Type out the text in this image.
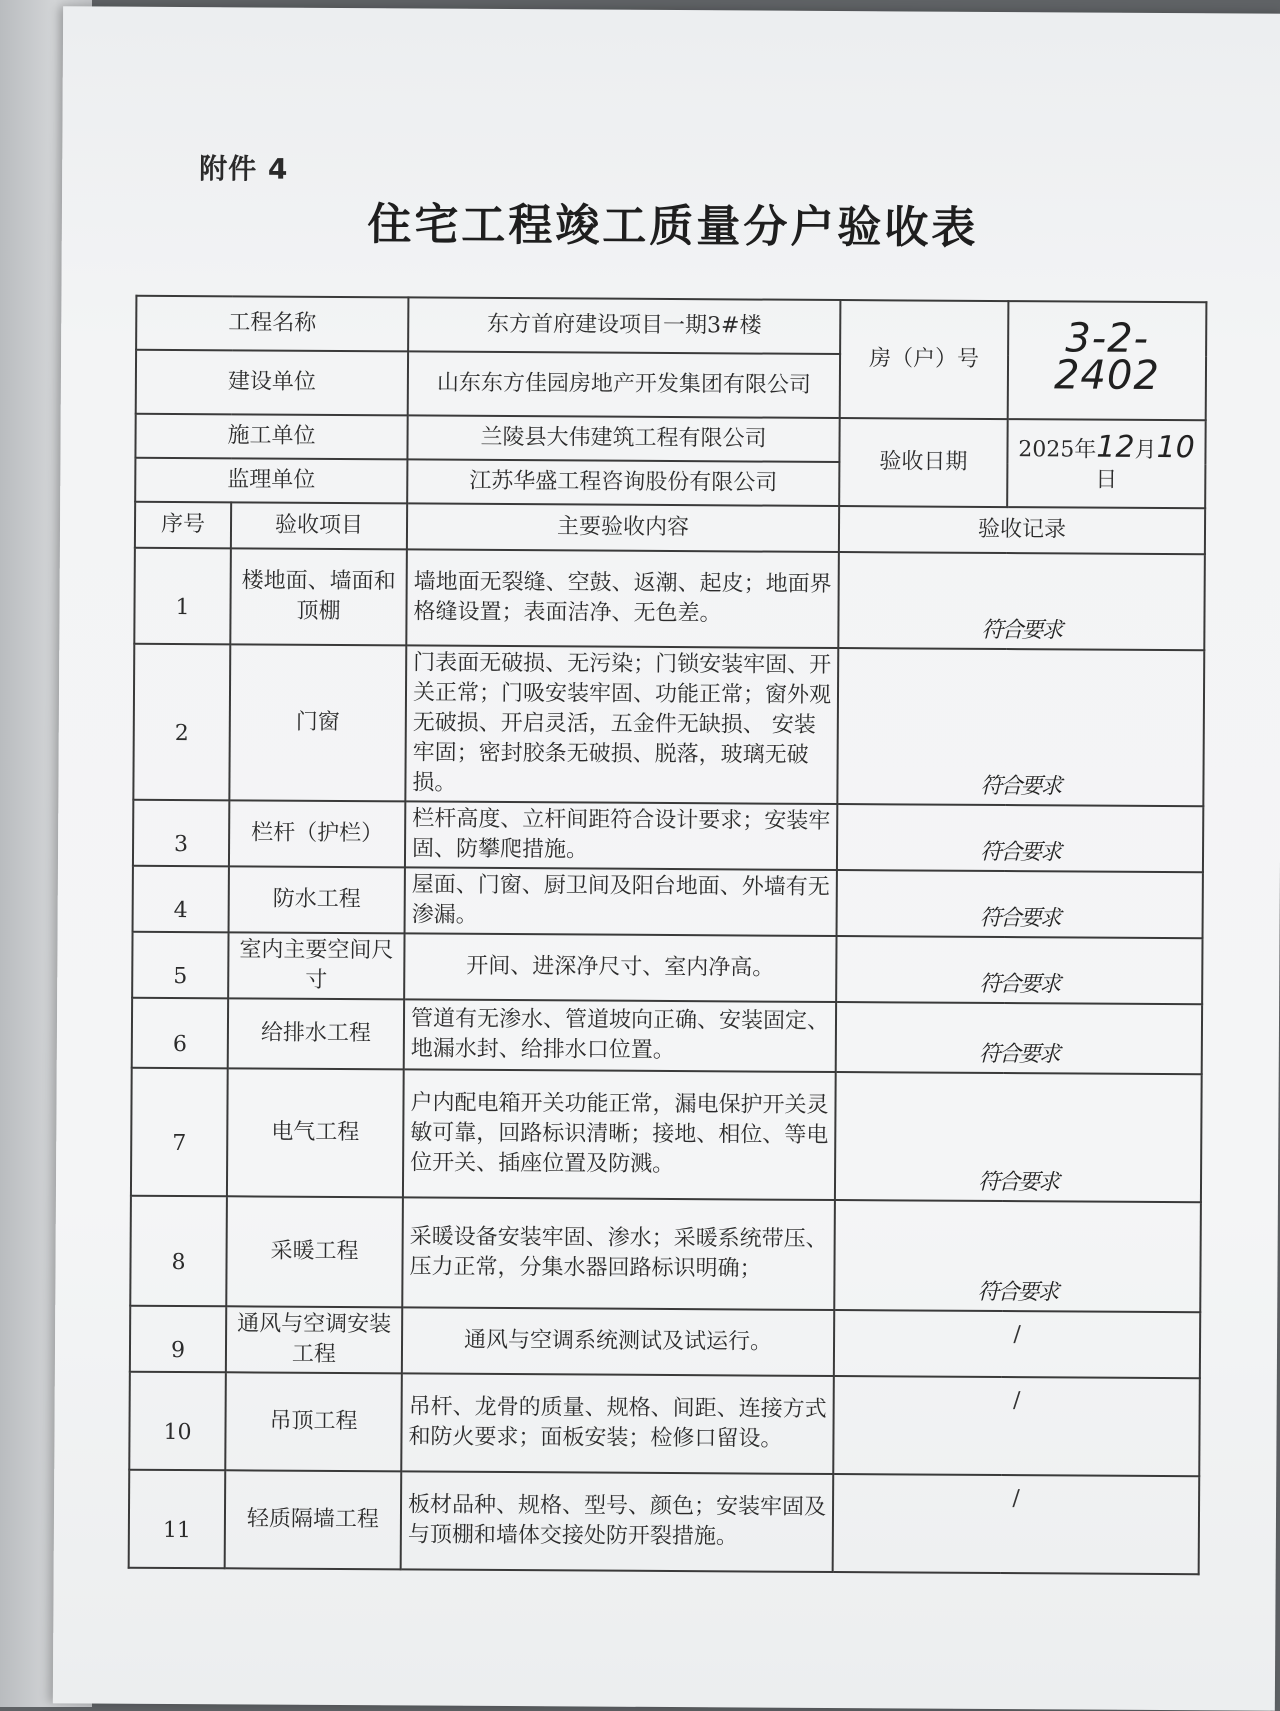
附件 4
住宅工程竣工质量分户验收表
工程名称		东方首府建设项目一期3#楼	房（户）号	3-2-2402
建设单位		山东东方佳园房地产开发集团有限公司		
施工单位		兰陵县大伟建筑工程有限公司	验收日期	2025年12月10日
监理单位		江苏华盛工程咨询股份有限公司		
序号	验收项目	主要验收内容	验收记录	
1	楼地面、墙面和顶棚	墙地面无裂缝、空鼓、返潮、起皮；地面界格缝设置；表面洁净、无色差。	符合要求	
2	门窗	门表面无破损、无污染；门锁安装牢固、开关正常；门吸安装牢固、功能正常；窗外观无破损、开启灵活，五金件无缺损、 安装牢固；密封胶条无破损、脱落，玻璃无破损。	符合要求	
3	栏杆（护栏）	栏杆高度、立杆间距符合设计要求；安装牢固、防攀爬措施。	符合要求	
4	防水工程	屋面、门窗、厨卫间及阳台地面、外墙有无渗漏。	符合要求	
5	室内主要空间尺寸	开间、进深净尺寸、室内净高。	符合要求	
6	给排水工程	管道有无渗水、管道坡向正确、安装固定、地漏水封、给排水口位置。	符合要求	
7	电气工程	户内配电箱开关功能正常，漏电保护开关灵敏可靠，回路标识清晰；接地、相位、等电位开关、插座位置及防溅。	符合要求	
8	采暖工程	采暖设备安装牢固、渗水；采暖系统带压、压力正常，分集水器回路标识明确；	符合要求	
9	通风与空调安装工程	通风与空调系统测试及试运行。	/	
10	吊顶工程	吊杆、龙骨的质量、规格、间距、连接方式和防火要求；面板安装；检修口留设。	/	
11	轻质隔墙工程	板材品种、规格、型号、颜色；安装牢固及与顶棚和墙体交接处防开裂措施。	/	
